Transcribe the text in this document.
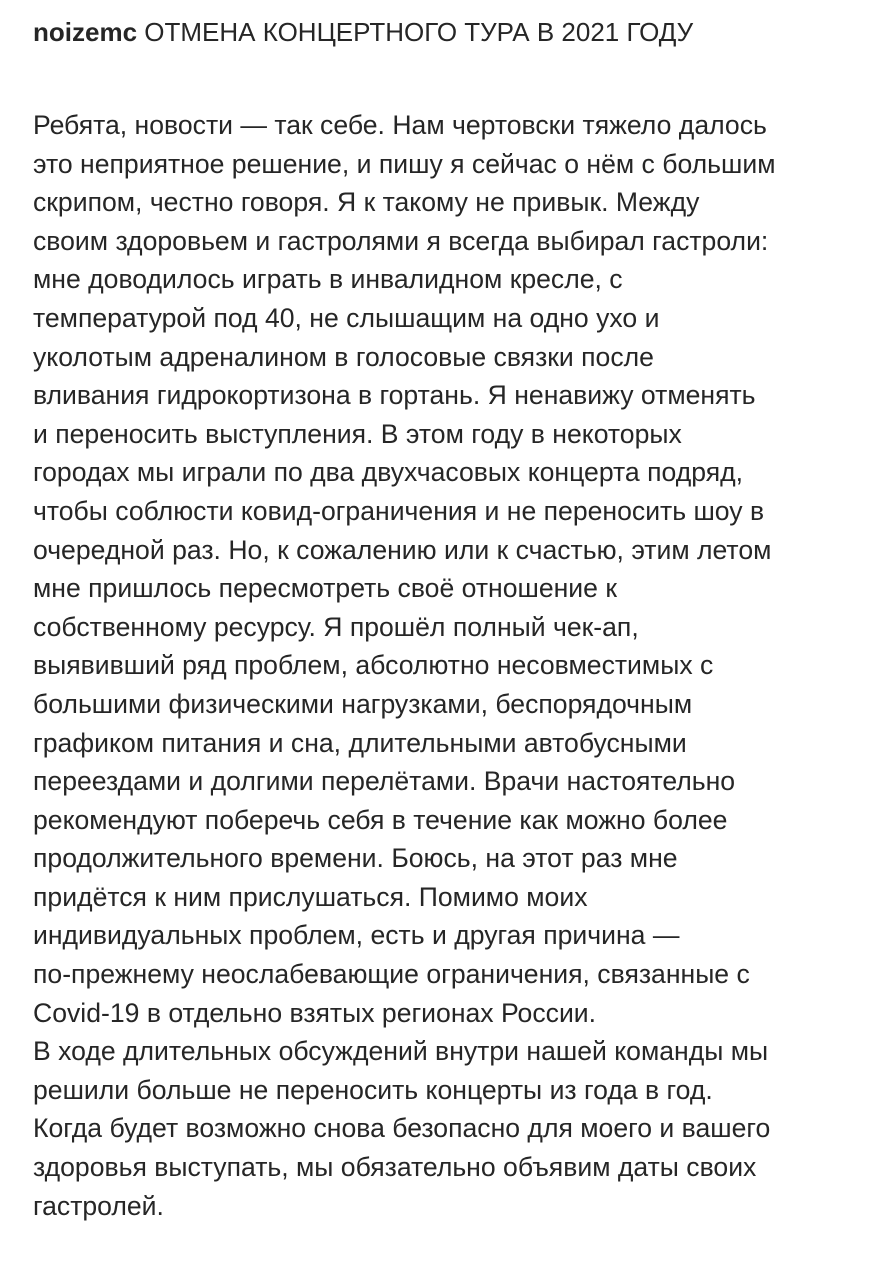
noizemc ОТМЕНА КОНЦЕРТНОГО ТУРА В 2021 ГОДУ

Ребята, новости — так себе. Нам чертовски тяжело далось
это неприятное решение, и пишу я сейчас о нём с большим
скрипом, честно говоря. Я к такому не привык. Между
своим здоровьем и гастролями я всегда выбирал гастроли:
мне доводилось играть в инвалидном кресле, с
температурой под 40, не слышащим на одно ухо и
уколотым адреналином в голосовые связки после
вливания гидрокортизона в гортань. Я ненавижу отменять
и переносить выступления. В этом году в некоторых
городах мы играли по два двухчасовых концерта подряд,
чтобы соблюсти ковид-ограничения и не переносить шоу в
очередной раз. Но, к сожалению или к счастью, этим летом
мне пришлось пересмотреть своё отношение к
собственному ресурсу. Я прошёл полный чек-ап,
выявивший ряд проблем, абсолютно несовместимых с
большими физическими нагрузками, беспорядочным
графиком питания и сна, длительными автобусными
переездами и долгими перелётами. Врачи настоятельно
рекомендуют поберечь себя в течение как можно более
продолжительного времени. Боюсь, на этот раз мне
придётся к ним прислушаться. Помимо моих
индивидуальных проблем, есть и другая причина —
по-прежнему неослабевающие ограничения, связанные с
Covid-19 в отдельно взятых регионах России.

В ходе длительных обсуждений внутри нашей команды мы
решили больше не переносить концерты из года в год.
Когда будет возможно снова безопасно для моего и вашего
здоровья выступать, мы обязательно объявим даты своих
гастролей.
